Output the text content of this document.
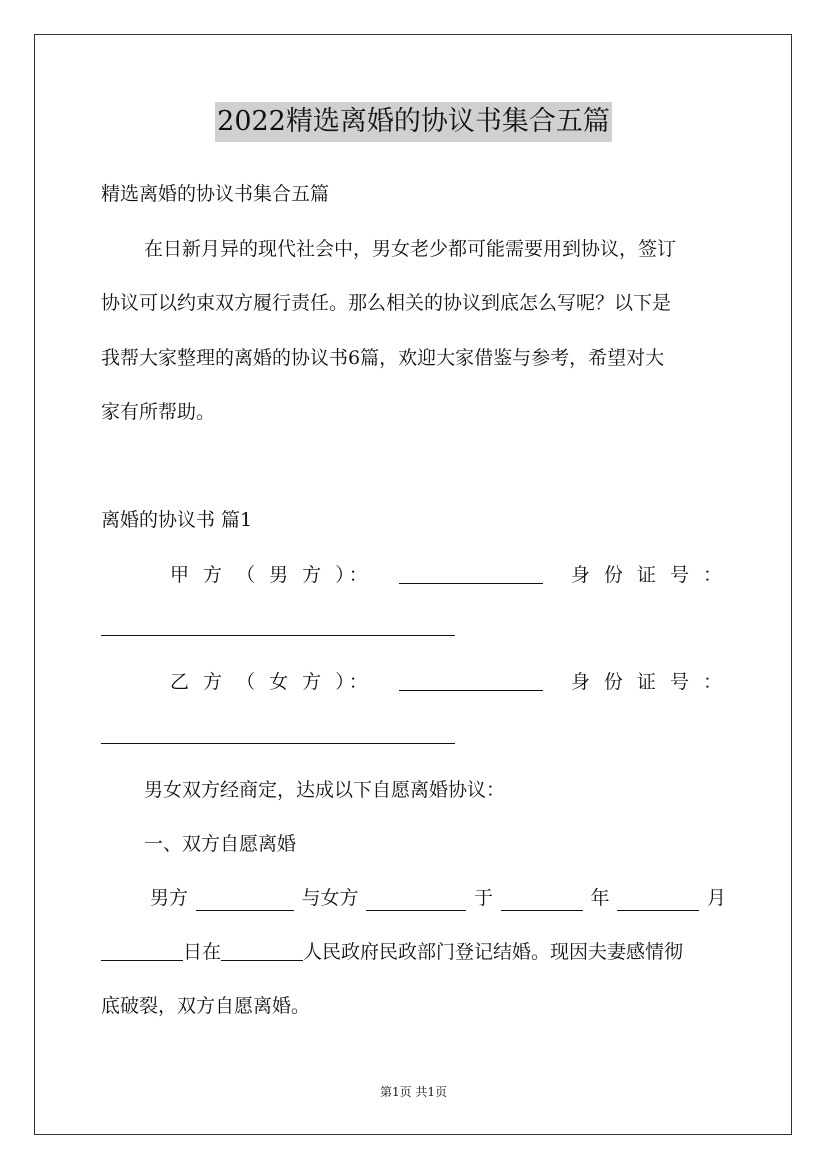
2022精选离婚的协议书集合五篇
精选离婚的协议书集合五篇
在日新月异的现代社会中，男女老少都可能需要用到协议，签订
协议可以约束双方履行责任。那么相关的协议到底怎么写呢？以下是
我帮大家整理的离婚的协议书6篇，欢迎大家借鉴与参考，希望对大
家有所帮助。
离婚的协议书 篇1
甲 方 （ 男 方 ）：	身 份 证 号 ：
乙 方 （ 女 方 ）：	身 份 证 号 ：
男女双方经商定，达成以下自愿离婚协议：
一、双方自愿离婚
男方	与女方	于	年	月
日在	人民政府民政部门登记结婚。现因夫妻感情彻
底破裂，双方自愿离婚。
第1页 共1页
